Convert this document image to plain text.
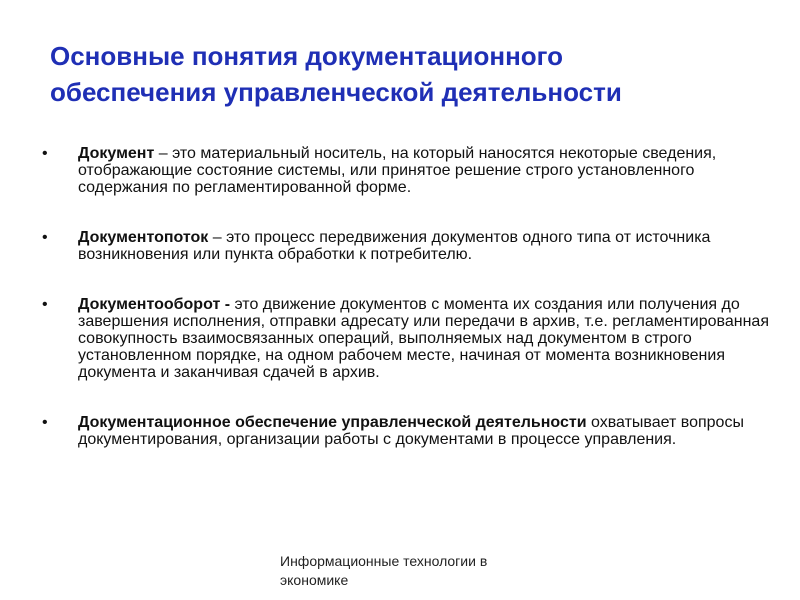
Основные понятия документационного
обеспечения управленческой деятельности
• Документ – это материальный носитель, на который наносятся некоторые сведения, отображающие состояние системы, или принятое решение строго установленного содержания по регламентированной форме.
• Документопоток – это процесс передвижения документов одного типа от источника возникновения или пункта обработки к потребителю.
• Документооборот - это движение документов с момента их создания или получения до завершения исполнения, отправки адресату или передачи в архив, т.е. регламентированная совокупность взаимосвязанных операций, выполняемых над документом в строго установленном порядке, на одном рабочем месте, начиная от момента возникновения документа и заканчивая сдачей в архив.
• Документационное обеспечение управленческой деятельности охватывает вопросы документирования, организации работы с документами в процессе управления.
Информационные технологии в
экономике
